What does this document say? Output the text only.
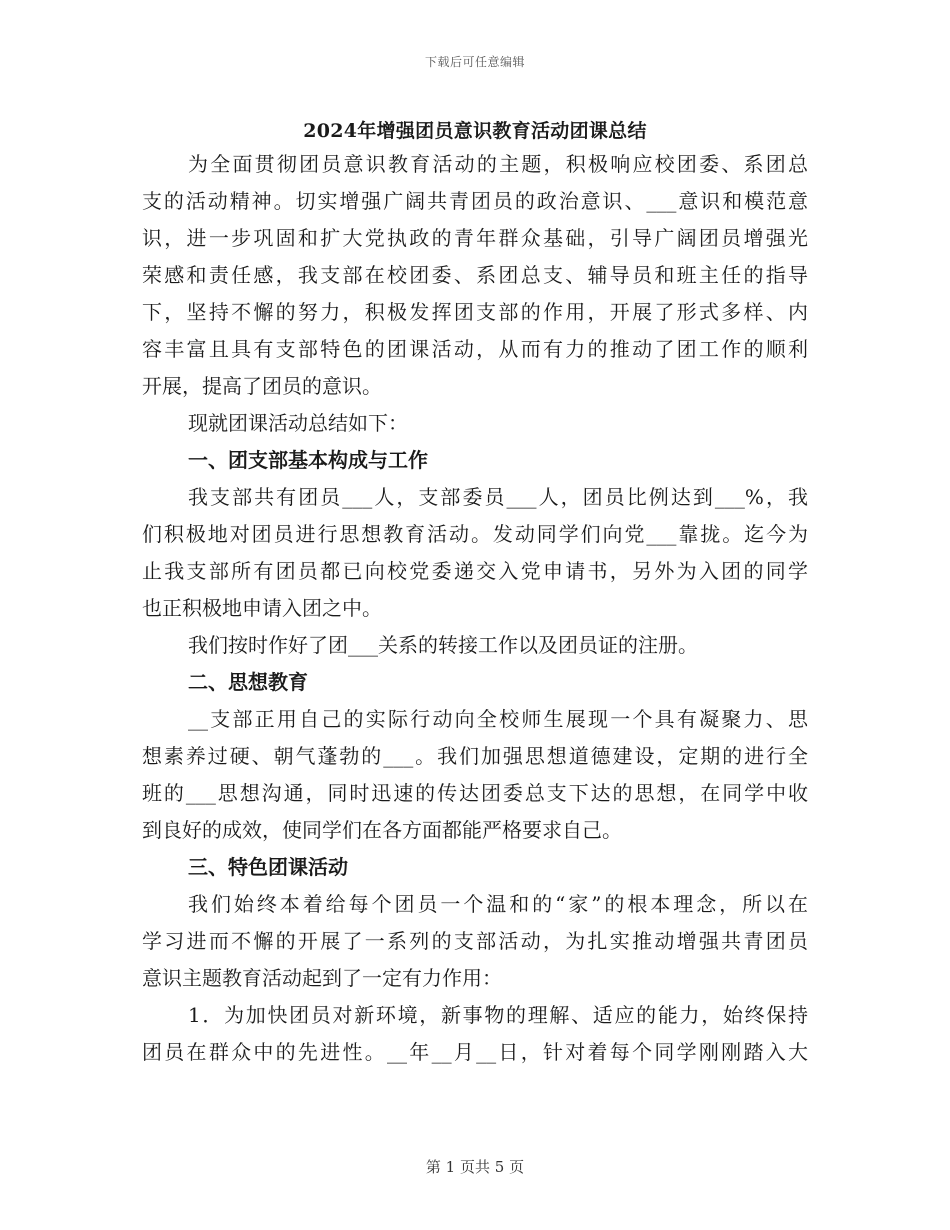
下载后可任意编辑
2024年增强团员意识教育活动团课总结
为全面贯彻团员意识教育活动的主题，积极响应校团委、系团总
支的活动精神。切实增强广阔共青团员的政治意识、___意识和模范意
识，进一步巩固和扩大党执政的青年群众基础，引导广阔团员增强光
荣感和责任感，我支部在校团委、系团总支、辅导员和班主任的指导
下，坚持不懈的努力，积极发挥团支部的作用，开展了形式多样、内
容丰富且具有支部特色的团课活动，从而有力的推动了团工作的顺利
开展，提高了团员的意识。
现就团课活动总结如下：
一、团支部基本构成与工作
我支部共有团员___人，支部委员___人，团员比例达到___%，我
们积极地对团员进行思想教育活动。发动同学们向党___靠拢。迄今为
止我支部所有团员都已向校党委递交入党申请书，另外为入团的同学
也正积极地申请入团之中。
我们按时作好了团___关系的转接工作以及团员证的注册。
二、思想教育
__支部正用自己的实际行动向全校师生展现一个具有凝聚力、思
想素养过硬、朝气蓬勃的___。我们加强思想道德建设，定期的进行全
班的___思想沟通，同时迅速的传达团委总支下达的思想，在同学中收
到良好的成效，使同学们在各方面都能严格要求自己。
三、特色团课活动
我们始终本着给每个团员一个温和的“家”的根本理念，所以在
学习进而不懈的开展了一系列的支部活动，为扎实推动增强共青团员
意识主题教育活动起到了一定有力作用：
1．为加快团员对新环境，新事物的理解、适应的能力，始终保持
团员在群众中的先进性。__年__月__日，针对着每个同学刚刚踏入大
第 1 页共 5 页
